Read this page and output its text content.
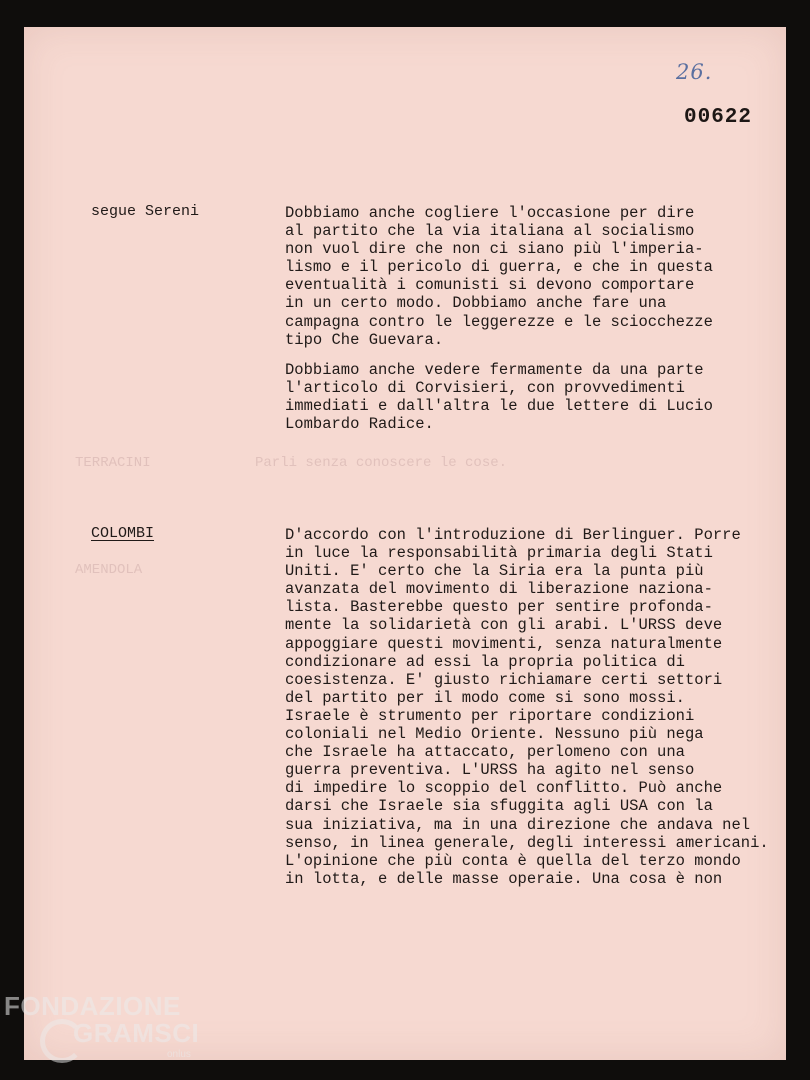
TERRACINI	Parli senza conoscere le cose.
AMENDOLA
26.
00622
segue Sereni	Dobbiamo anche cogliere l'occasione per dire
al partito che la via italiana al socialismo
non vuol dire che non ci siano più l'imperia-
lismo e il pericolo di guerra, e che in questa
eventualità i comunisti si devono comportare
in un certo modo. Dobbiamo anche fare una
campagna contro le leggerezze e le sciocchezze
tipo Che Guevara.

Dobbiamo anche vedere fermamente da una parte
l'articolo di Corvisieri, con provvedimenti
immediati e dall'altra le due lettere di Lucio
Lombardo Radice.

COLOMBI	D'accordo con l'introduzione di Berlinguer. Porre
in luce la responsabilità primaria degli Stati
Uniti. E' certo che la Siria era la punta più
avanzata del movimento di liberazione naziona-
lista. Basterebbe questo per sentire profonda-
mente la solidarietà con gli arabi. L'URSS deve
appoggiare questi movimenti, senza naturalmente
condizionare ad essi la propria politica di
coesistenza. E' giusto richiamare certi settori
del partito per il modo come si sono mossi.
Israele è strumento per riportare condizioni
coloniali nel Medio Oriente. Nessuno più nega
che Israele ha attaccato, perlomeno con una
guerra preventiva. L'URSS ha agito nel senso
di impedire lo scoppio del conflitto. Può anche
darsi che Israele sia sfuggita agli USA con la
sua iniziativa, ma in una direzione che andava nel
senso, in linea generale, degli interessi americani.
L'opinione che più conta è quella del terzo mondo
in lotta, e delle masse operaie. Una cosa è non

FONDAZIONE
GRAMSCI
onlus
